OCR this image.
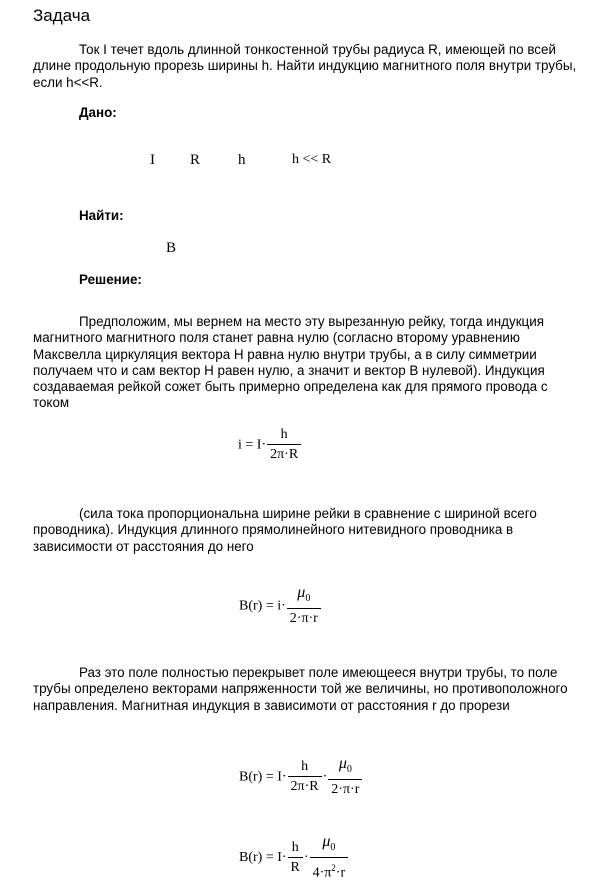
Задача
Ток I течет вдоль длинной тонкостенной трубы радиуса R, имеющей по всей
длине продольную прорезь ширины h. Найти индукцию магнитного поля внутри трубы,
если h<<R.
Дано:
I R	h	h << R
Найти:
B
Решение:
Предположим, мы вернем на место эту вырезанную рейку, тогда индукция
магнитного магнитного поля станет равна нулю (согласно второму уравнению
Максвелла циркуляция вектора H равна нулю внутри трубы, а в силу симметрии
получаем что и сам вектор H равен нулю, а значит и вектор B нулевой). Индукция
создаваемая рейкой сожет быть примерно определена как для прямого провода с
током
$i = I\cdot \frac{h}{2\pi\cdot R}$
(сила тока пропорциональна ширине рейки в сравнение с шириной всего
проводника). Индукция длинного прямолинейного нитевидного проводника в
зависимости от расстояния до него
$B(r) = i\cdot \frac{\mu_0}{2\cdot\pi\cdot r}$
Раз это поле полностью перекрывет поле имеющееся внутри трубы, то поле
трубы определено векторами напряженности той же величины, но противоположного
направления. Магнитная индукция в зависимоти от расстояния r до прорези
$B(r) = I\cdot \frac{h}{2\pi\cdot R} \cdot \frac{\mu_0}{2\cdot\pi\cdot r}$
$B(r) = I\cdot \frac{h}{R} \cdot \frac{\mu_0}{4\cdot\pi^2\cdot r}$
